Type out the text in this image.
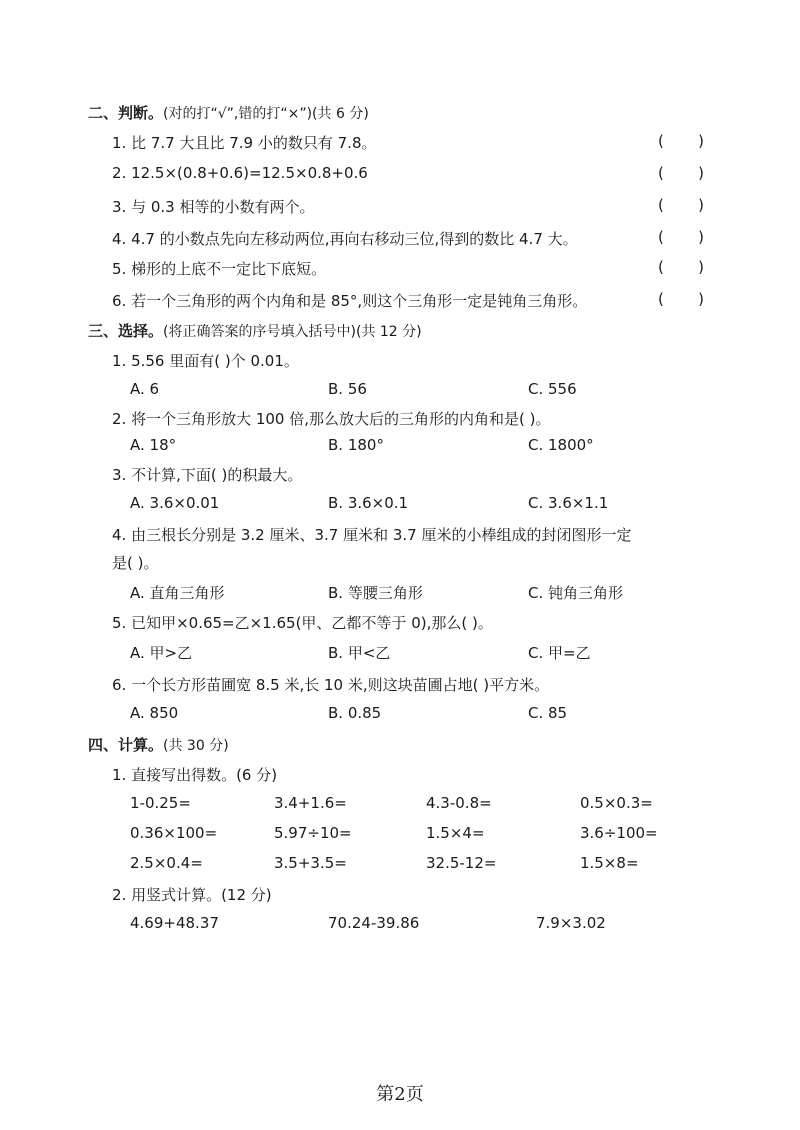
二、判断。(对的打“√”,错的打“×”)(共 6 分)
1. 比 7.7 大且比 7.9 小的数只有 7.8。	( )
2. 12.5×(0.8+0.6)=12.5×0.8+0.6	( )
3. 与 0.3 相等的小数有两个。	( )
4. 4.7 的小数点先向左移动两位,再向右移动三位,得到的数比 4.7 大。	( )
5. 梯形的上底不一定比下底短。	( )
6. 若一个三角形的两个内角和是 85°,则这个三角形一定是钝角三角形。	( )
三、选择。(将正确答案的序号填入括号中)(共 12 分)
1. 5.56 里面有( )个 0.01。
A. 6	B. 56	C. 556
2. 将一个三角形放大 100 倍,那么放大后的三角形的内角和是( )。
A. 18°	B. 180°	C. 1800°
3. 不计算,下面( )的积最大。
A. 3.6×0.01	B. 3.6×0.1	C. 3.6×1.1
4. 由三根长分别是 3.2 厘米、3.7 厘米和 3.7 厘米的小棒组成的封闭图形一定
是( )。
A. 直角三角形	B. 等腰三角形	C. 钝角三角形
5. 已知甲×0.65=乙×1.65(甲、乙都不等于 0),那么( )。
A. 甲>乙	B. 甲<乙	C. 甲=乙
6. 一个长方形苗圃宽 8.5 米,长 10 米,则这块苗圃占地( )平方米。
A. 850	B. 0.85	C. 85
四、计算。(共 30 分)
1. 直接写出得数。(6 分)
1-0.25=	3.4+1.6=	4.3-0.8=	0.5×0.3=
0.36×100=	5.97÷10=	1.5×4=	3.6÷100=
2.5×0.4=	3.5+3.5=	32.5-12=	1.5×8=
2. 用竖式计算。(12 分)
4.69+48.37	70.24-39.86	7.9×3.02
第2页
